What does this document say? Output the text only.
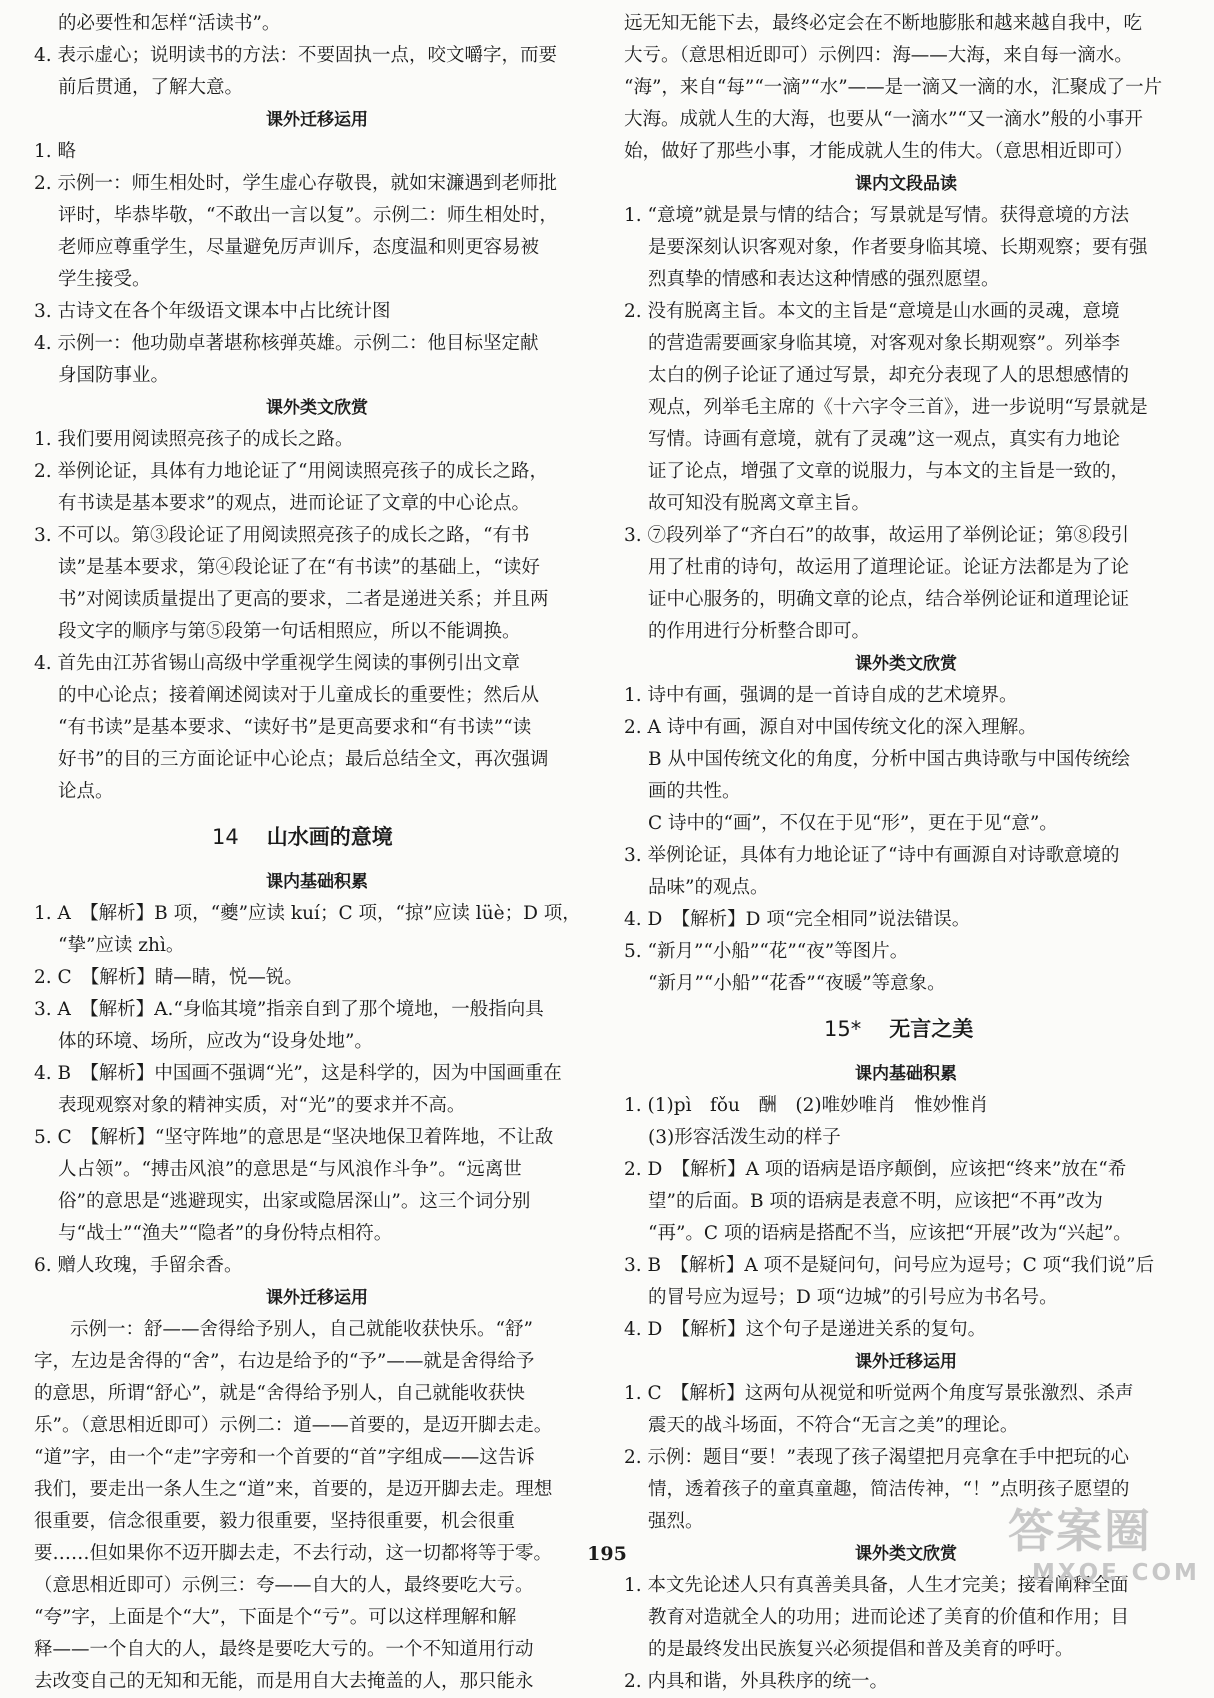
的必要性和怎样“活读书”。
4. 表示虚心；说明读书的方法：不要固执一点，咬文嚼字，而要
前后贯通，了解大意。
课外迁移运用
1. 略
2. 示例一：师生相处时，学生虚心存敬畏，就如宋濂遇到老师批
评时，毕恭毕敬，“不敢出一言以复”。示例二：师生相处时，
老师应尊重学生，尽量避免厉声训斥，态度温和则更容易被
学生接受。
3. 古诗文在各个年级语文课本中占比统计图
4. 示例一：他功勋卓著堪称核弹英雄。示例二：他目标坚定献
身国防事业。
课外类文欣赏
1. 我们要用阅读照亮孩子的成长之路。
2. 举例论证，具体有力地论证了“用阅读照亮孩子的成长之路，
有书读是基本要求”的观点，进而论证了文章的中心论点。
3. 不可以。第③段论证了用阅读照亮孩子的成长之路，“有书
读”是基本要求，第④段论证了在“有书读”的基础上，“读好
书”对阅读质量提出了更高的要求，二者是递进关系；并且两
段文字的顺序与第⑤段第一句话相照应，所以不能调换。
4. 首先由江苏省锡山高级中学重视学生阅读的事例引出文章
的中心论点；接着阐述阅读对于儿童成长的重要性；然后从
“有书读”是基本要求、“读好书”是更高要求和“有书读”“读
好书”的目的三方面论证中心论点；最后总结全文，再次强调
论点。
14 山水画的意境
课内基础积累
1. A　【解析】B 项，“夔”应读 kuí；C 项，“掠”应读 lüè；D 项，
“挚”应读 zhì。
2. C　【解析】睛—睛，悦—锐。
3. A　【解析】A.“身临其境”指亲自到了那个境地，一般指向具
体的环境、场所，应改为“设身处地”。
4. B　【解析】中国画不强调“光”，这是科学的，因为中国画重在
表现观察对象的精神实质，对“光”的要求并不高。
5. C　【解析】“坚守阵地”的意思是“坚决地保卫着阵地，不让敌
人占领”。“搏击风浪”的意思是“与风浪作斗争”。“远离世
俗”的意思是“逃避现实，出家或隐居深山”。这三个词分别
与“战士”“渔夫”“隐者”的身份特点相符。
6. 赠人玫瑰，手留余香。
课外迁移运用
示例一：舒——舍得给予别人，自己就能收获快乐。“舒”
字，左边是舍得的“舍”，右边是给予的“予”——就是舍得给予
的意思，所谓“舒心”，就是“舍得给予别人，自己就能收获快
乐”。（意思相近即可）示例二：道——首要的，是迈开脚去走。
“道”字，由一个“走”字旁和一个首要的“首”字组成——这告诉
我们，要走出一条人生之“道”来，首要的，是迈开脚去走。理想
很重要，信念很重要，毅力很重要，坚持很重要，机会很重
要……但如果你不迈开脚去走，不去行动，这一切都将等于零。
（意思相近即可）示例三：夸——自大的人，最终要吃大亏。
“夸”字，上面是个“大”，下面是个“亏”。可以这样理解和解
释——一个自大的人，最终是要吃大亏的。一个不知道用行动
去改变自己的无知和无能，而是用自大去掩盖的人，那只能永
远无知无能下去，最终必定会在不断地膨胀和越来越自我中，吃
大亏。（意思相近即可）示例四：海——大海，来自每一滴水。
“海”，来自“每”“一滴”“水”——是一滴又一滴的水，汇聚成了一片
大海。成就人生的大海，也要从“一滴水”“又一滴水”般的小事开
始，做好了那些小事，才能成就人生的伟大。（意思相近即可）
课内文段品读
1. “意境”就是景与情的结合；写景就是写情。获得意境的方法
是要深刻认识客观对象，作者要身临其境、长期观察；要有强
烈真挚的情感和表达这种情感的强烈愿望。
2. 没有脱离主旨。本文的主旨是“意境是山水画的灵魂，意境
的营造需要画家身临其境，对客观对象长期观察”。列举李
太白的例子论证了通过写景，却充分表现了人的思想感情的
观点，列举毛主席的《十六字令三首》，进一步说明“写景就是
写情。诗画有意境，就有了灵魂”这一观点，真实有力地论
证了论点，增强了文章的说服力，与本文的主旨是一致的，
故可知没有脱离文章主旨。
3. ⑦段列举了“齐白石”的故事，故运用了举例论证；第⑧段引
用了杜甫的诗句，故运用了道理论证。论证方法都是为了论
证中心服务的，明确文章的论点，结合举例论证和道理论证
的作用进行分析整合即可。
课外类文欣赏
1. 诗中有画，强调的是一首诗自成的艺术境界。
2. A 诗中有画，源自对中国传统文化的深入理解。
B 从中国传统文化的角度，分析中国古典诗歌与中国传统绘
画的共性。
C 诗中的“画”，不仅在于见“形”，更在于见“意”。
3. 举例论证，具体有力地论证了“诗中有画源自对诗歌意境的
品味”的观点。
4. D　【解析】D 项“完全相同”说法错误。
5. “新月”“小船”“花”“夜”等图片。
“新月”“小船”“花香”“夜暖”等意象。
15* 无言之美
课内基础积累
1. (1)pì　fǒu　酬　(2)唯妙唯肖　惟妙惟肖
(3)形容活泼生动的样子
2. D　【解析】A 项的语病是语序颠倒，应该把“终来”放在“希
望”的后面。B 项的语病是表意不明，应该把“不再”改为
“再”。C 项的语病是搭配不当，应该把“开展”改为“兴起”。
3. B　【解析】A 项不是疑问句，问号应为逗号；C 项“我们说”后
的冒号应为逗号；D 项“边城”的引号应为书名号。
4. D　【解析】这个句子是递进关系的复句。
课外迁移运用
1. C　【解析】这两句从视觉和听觉两个角度写景张激烈、杀声
震天的战斗场面，不符合“无言之美”的理论。
2. 示例：题目“要！”表现了孩子渴望把月亮拿在手中把玩的心
情，透着孩子的童真童趣，简洁传神，“！”点明孩子愿望的
强烈。
课外类文欣赏
1. 本文先论述人只有真善美具备，人生才完美；接着阐释全面
教育对造就全人的功用；进而论述了美育的价值和作用；目
的是最终发出民族复兴必须提倡和普及美育的呼吁。
2. 内具和谐，外具秩序的统一。
195	答案圈
MXQE.COM
